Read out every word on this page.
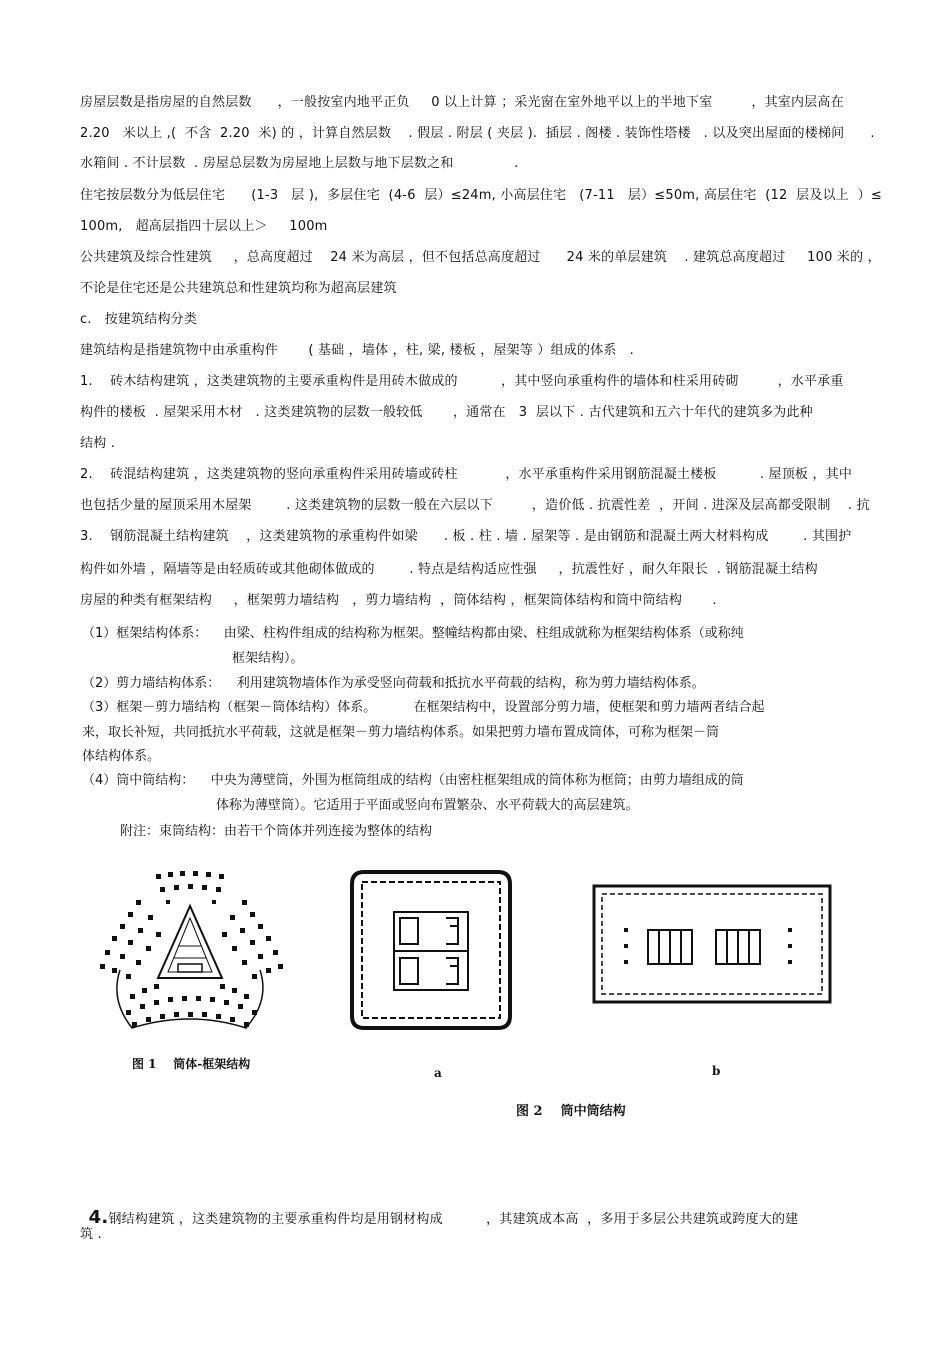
房屋层数是指房屋的自然层数      ，一般按室内地平正负     0 以上计算 ；采光窗在室外地平以上的半地下室         ，其室内层高在
2.20   米以上 ,(  不含  2.20  米) 的 ，计算自然层数    . 假层 . 附层 ( 夹层 ).  插层 . 阁楼 . 装饰性塔楼   . 以及突出屋面的楼梯间      .
水箱间 . 不计层数  . 房屋总层数为房屋地上层数与地下层数之和              .
住宅按层数分为低层住宅      (1-3   层 ),  多层住宅  (4-6  层）≤24m, 小高层住宅   (7-11   层）≤50m, 高层住宅  (12  层及以上  ）≤
100m,   超高层指四十层以上＞     100m
公共建筑及综合性建筑     ，总高度超过    24 米为高层 ，但不包括总高度超过      24 米的单层建筑    . 建筑总高度超过     100 米的 ，
不论是住宅还是公共建筑总和性建筑均称为超高层建筑
c.   按建筑结构分类
建筑结构是指建筑物中由承重构件       ( 基础 ，墙体 ，柱, 梁, 楼板 ，屋架等 ）组成的体系   .
1.    砖木结构建筑 ，这类建筑物的主要承重构件是用砖木做成的          ，其中竖向承重构件的墙体和柱采用砖砌         ，水平承重
构件的楼板  . 屋架采用木材   . 这类建筑物的层数一般较低       ，通常在   3  层以下 . 古代建筑和五六十年代的建筑多为此种
结构 .
2.    砖混结构建筑 ，这类建筑物的竖向承重构件采用砖墙或砖柱           ，水平承重构件采用钢筋混凝土楼板          . 屋顶板 ，其中
也包括少量的屋顶采用木屋架        . 这类建筑物的层数一般在六层以下         ，造价低 . 抗震性差  ，开间 . 进深及层高都受限制    . 抗
3.    钢筋混凝土结构建筑    ，这类建筑物的承重构件如梁      . 板 . 柱 . 墙 . 屋架等 . 是由钢筋和混凝土两大材料构成        . 其围护
构件如外墙 ，隔墙等是由轻质砖或其他砌体做成的        . 特点是结构适应性强     ，抗震性好 ，耐久年限长  . 钢筋混凝土结构
房屋的种类有框架结构     ，框架剪力墙结构   ，剪力墙结构  ，筒体结构 ，框架筒体结构和筒中筒结构       .
（1）框架结构体系：    由梁、柱构件组成的结构称为框架。整幢结构都由梁、柱组成就称为框架结构体系（或称纯
框架结构）。
（2）剪力墙结构体系：    利用建筑物墙体作为承受竖向荷载和抵抗水平荷载的结构，称为剪力墙结构体系。
（3）框架－剪力墙结构（框架－筒体结构）体系。         在框架结构中，设置部分剪力墙，使框架和剪力墙两者结合起
来，取长补短，共同抵抗水平荷载，这就是框架－剪力墙结构体系。如果把剪力墙布置成筒体，可称为框架－筒
体结构体系。
（4）筒中筒结构：    中央为薄壁筒，外围为框筒组成的结构（由密柱框架组成的筒体称为框筒；由剪力墙组成的筒
体称为薄壁筒）。它适用于平面或竖向布置繁杂、水平荷载大的高层建筑。
附注：束筒结构：由若干个筒体并列连接为整体的结构
图 1    筒体-框架结构
a	b
图 2    筒中筒结构

4.钢结构建筑 ，这类建筑物的主要承重构件均是用钢材构成          ，其建筑成本高  ，多用于多层公共建筑或跨度大的建

筑 .
